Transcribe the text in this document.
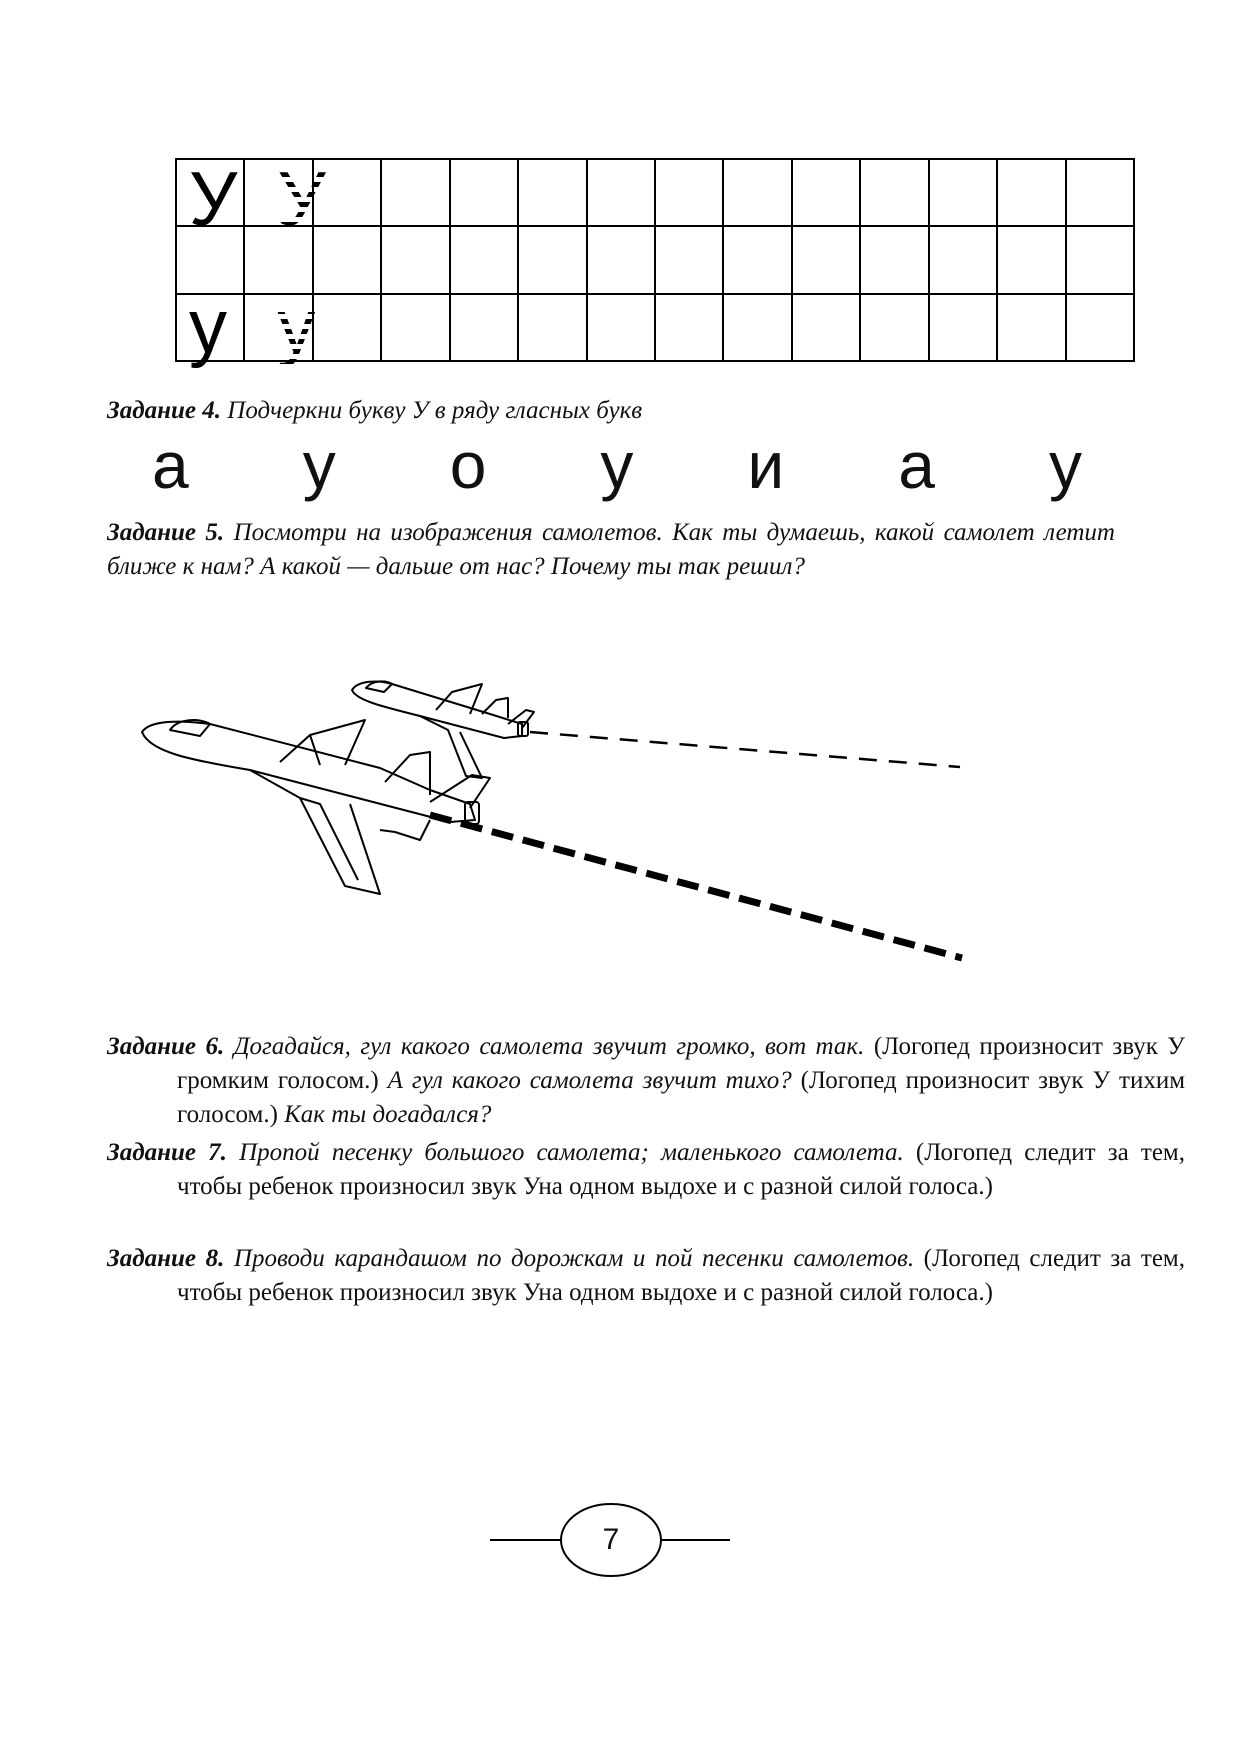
У У
у у
Задание 4. Подчеркни букву У в ряду гласных букв
а у о у и а у
Задание 5. Посмотри на изображения самолетов. Как ты думаешь, какой самолет летит ближе к нам? А какой — дальше от нас? Почему ты так решил?
Задание 6. Догадайся, гул какого самолета звучит громко, вот так. (Логопед произносит звук У громким голосом.) А гул какого самолета звучит тихо? (Логопед произносит звук У тихим голосом.) Как ты догадался?
Задание 7. Пропой песенку большого самолета; маленького самолета. (Логопед следит за тем, чтобы ребенок произносил звук Уна одном выдохе и с разной силой голоса.)
Задание 8. Проводи карандашом по дорожкам и пой песенки самолетов. (Логопед следит за тем, чтобы ребенок произносил звук Уна одном выдохе и с разной силой голоса.)
7
